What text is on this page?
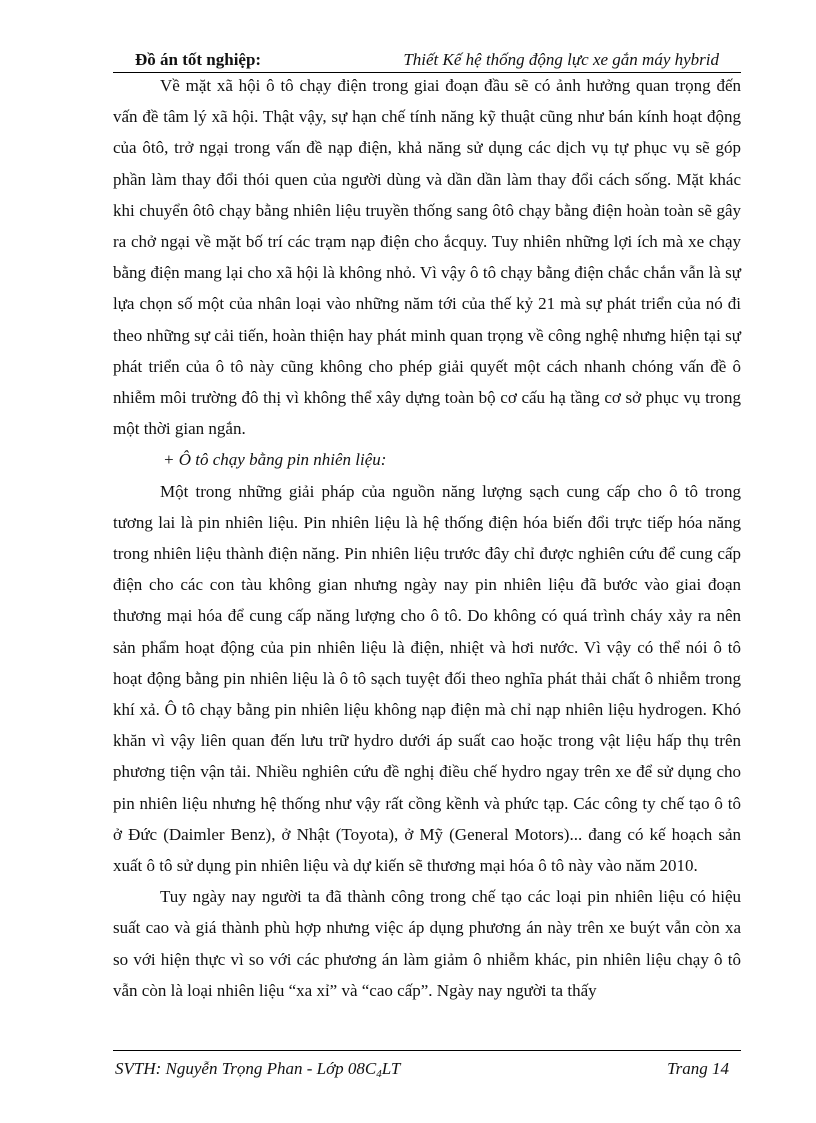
Đồ án tốt nghiệp:	Thiết Kế hệ thống động lực xe gắn máy hybrid

Về mặt xã hội ô tô chạy điện trong giai đoạn đầu sẽ có ảnh hưởng quan trọng đến vấn đề tâm lý xã hội. Thật vậy, sự hạn chế tính năng kỹ thuật cũng như bán kính hoạt động của ôtô, trở ngại trong vấn đề nạp điện, khả năng sử dụng các dịch vụ tự phục vụ sẽ góp phần làm thay đổi thói quen của người dùng và dần dần làm thay đổi cách sống. Mặt khác khi chuyển ôtô chạy bằng nhiên liệu truyền thống sang ôtô chạy bằng điện hoàn toàn sẽ gây ra chở ngại về mặt bố trí các trạm nạp điện cho ắcquy. Tuy nhiên những lợi ích mà xe chạy bằng điện mang lại cho xã hội là không nhỏ. Vì vậy ô tô chạy bằng điện chắc chắn vẫn là sự lựa chọn số một của nhân loại vào những năm tới của thế kỷ 21 mà sự phát triển của nó đi theo những sự cải tiến, hoàn thiện hay phát minh quan trọng về công nghệ nhưng hiện tại sự phát triển của ô tô này cũng không cho phép giải quyết một cách nhanh chóng vấn đề ô nhiễm môi trường đô thị vì không thể xây dựng toàn bộ cơ cấu hạ tầng cơ sở phục vụ trong một thời gian ngắn.

+ Ô tô chạy bằng pin nhiên liệu:

Một trong những giải pháp của nguồn năng lượng sạch cung cấp cho ô tô trong tương lai là pin nhiên liệu. Pin nhiên liệu là hệ thống điện hóa biến đổi trực tiếp hóa năng trong nhiên liệu thành điện năng. Pin nhiên liệu trước đây chỉ được nghiên cứu để cung cấp điện cho các con tàu không gian nhưng ngày nay pin nhiên liệu đã bước vào giai đoạn thương mại hóa để cung cấp năng lượng cho ô tô. Do không có quá trình cháy xảy ra nên sản phẩm hoạt động của pin nhiên liệu là điện, nhiệt và hơi nước. Vì vậy có thể nói ô tô hoạt động bằng pin nhiên liệu là ô tô sạch tuyệt đối theo nghĩa phát thải chất ô nhiễm trong khí xả. Ô tô chạy bằng pin nhiên liệu không nạp điện mà chỉ nạp nhiên liệu hydrogen. Khó khăn vì vậy liên quan đến lưu trữ hydro dưới áp suất cao hoặc trong vật liệu hấp thụ trên phương tiện vận tải. Nhiều nghiên cứu đề nghị điều chế hydro ngay trên xe để sử dụng cho pin nhiên liệu nhưng hệ thống như vậy rất cồng kềnh và phức tạp. Các công ty chế tạo ô tô ở Đức (Daimler Benz), ở Nhật (Toyota), ở Mỹ (General Motors)... đang có kế hoạch sản xuất ô tô sử dụng pin nhiên liệu và dự kiến sẽ thương mại hóa ô tô này vào năm 2010.

Tuy ngày nay người ta đã thành công trong chế tạo các loại pin nhiên liệu có hiệu suất cao và giá thành phù hợp nhưng việc áp dụng phương án này trên xe buýt vẫn còn xa so với hiện thực vì so với các phương án làm giảm ô nhiễm khác, pin nhiên liệu chạy ô tô vẫn còn là loại nhiên liệu “xa xỉ” và “cao cấp”. Ngày nay người ta thấy

SVTH: Nguyễn Trọng Phan - Lớp $08C_4LT$	Trang 14
